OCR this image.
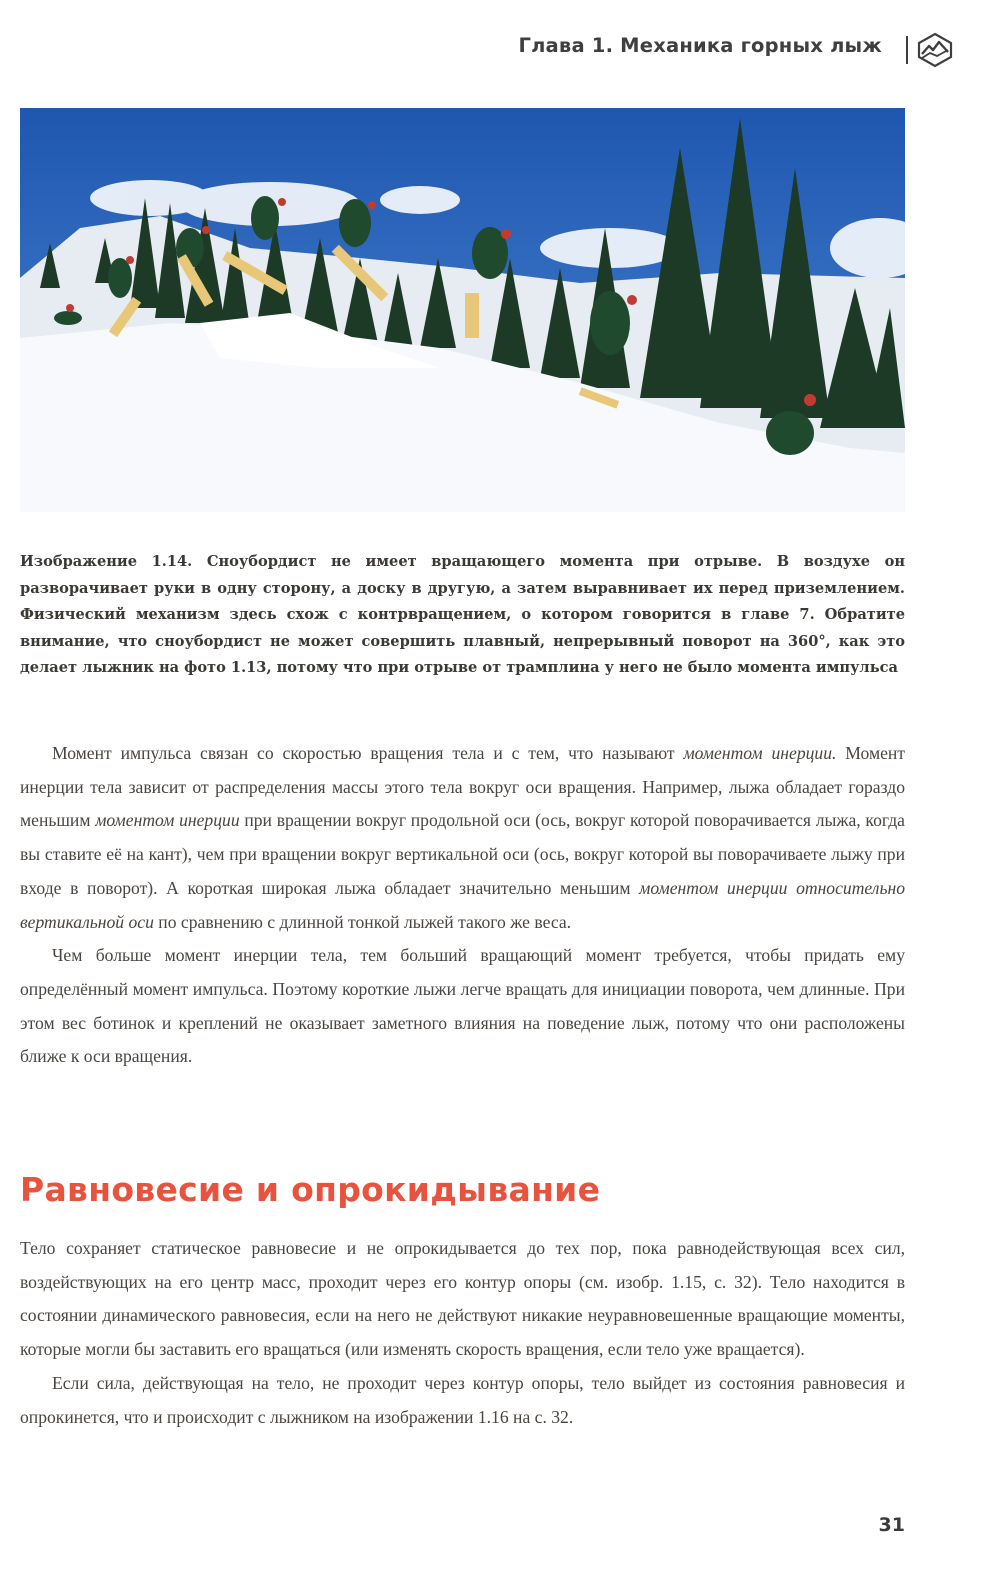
Глава 1. Механика горных лыж
Изображение 1.14. Сноубордист не имеет вращающего момента при отрыве. В воздухе он разворачивает руки в одну сторону, а доску в другую, а затем выравнивает их перед приземлением. Физический механизм здесь схож с контрвращением, о котором говорится в главе 7. Обратите внимание, что сноубордист не может совершить плавный, непрерывный поворот на 360°, как это делает лыжник на фото 1.13, потому что при отрыве от трамплина у него не было момента импульса

Момент импульса связан со скоростью вращения тела и с тем, что называют моментом инерции. Момент инерции тела зависит от распределения массы этого тела вокруг оси вращения. Например, лыжа обладает гораздо меньшим моментом инерции при вращении вокруг продольной оси (ось, вокруг которой поворачивается лыжа, когда вы ставите её на кант), чем при вращении вокруг вертикальной оси (ось, вокруг которой вы поворачиваете лыжу при входе в поворот). А короткая широкая лыжа обладает значительно меньшим моментом инерции относительно вертикальной оси по сравнению с длинной тонкой лыжей такого же веса.

Чем больше момент инерции тела, тем больший вращающий момент требуется, чтобы придать ему определённый момент импульса. Поэтому короткие лыжи легче вращать для инициации поворота, чем длинные. При этом вес ботинок и креплений не оказывает заметного влияния на поведение лыж, потому что они расположены ближе к оси вращения.

Равновесие и опрокидывание

Тело сохраняет статическое равновесие и не опрокидывается до тех пор, пока равнодействующая всех сил, воздействующих на его центр масс, проходит через его контур опоры (см. изобр. 1.15, с. 32). Тело находится в состоянии динамического равновесия, если на него не действуют никакие неуравновешенные вращающие моменты, которые могли бы заставить его вращаться (или изменять скорость вращения, если тело уже вращается).

Если сила, действующая на тело, не проходит через контур опоры, тело выйдет из состояния равновесия и опрокинется, что и происходит с лыжником на изображении 1.16 на с. 32.

31
